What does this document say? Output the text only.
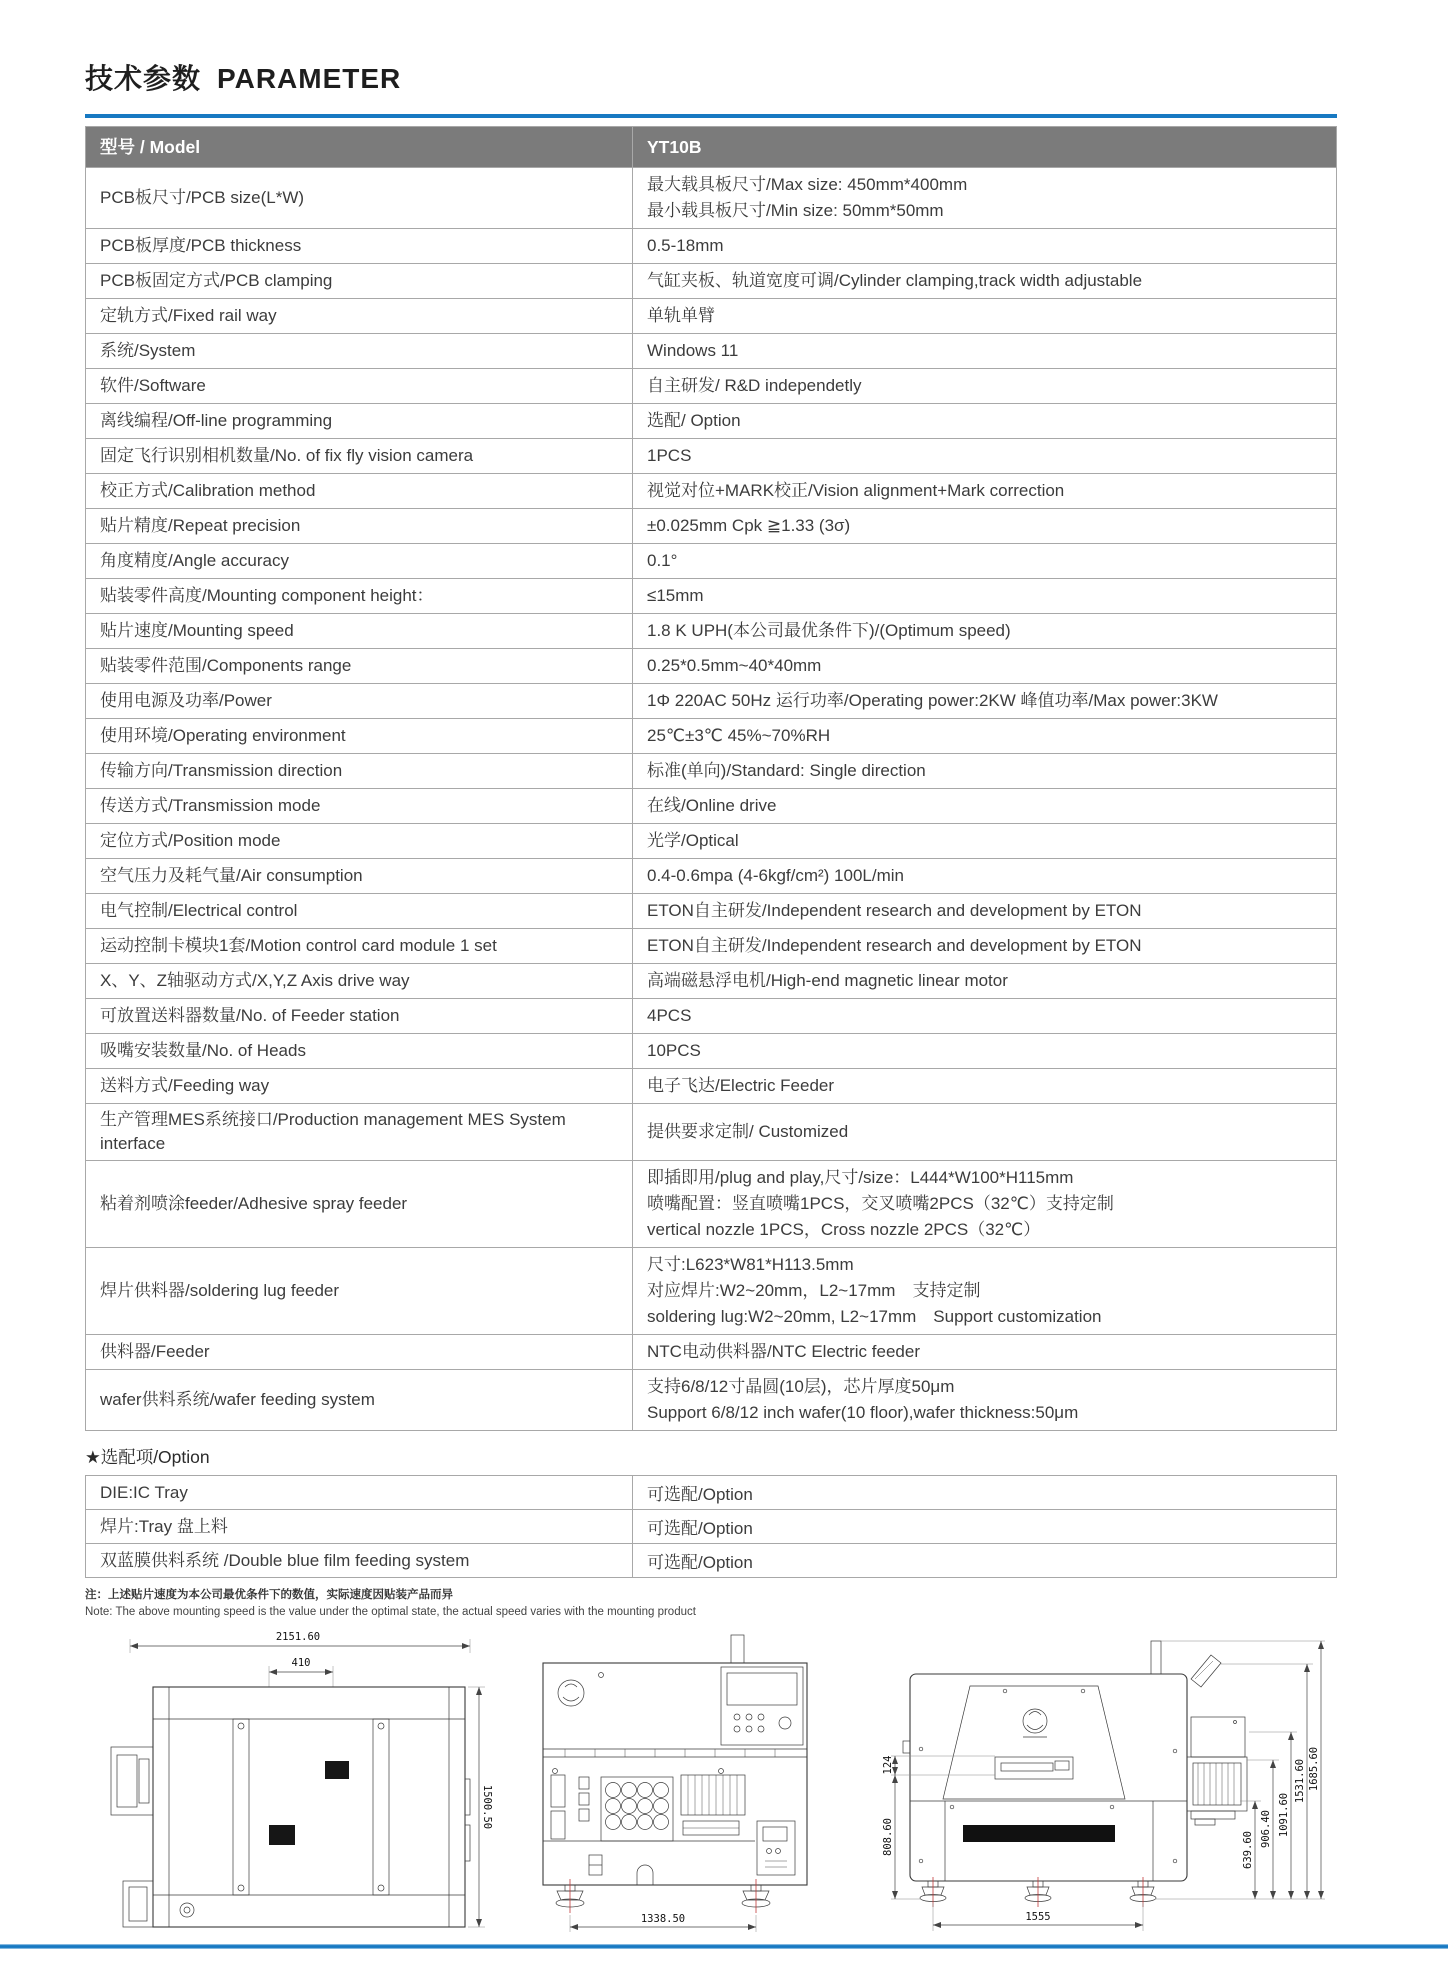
技术参数 PARAMETER
型号 / Model	YT10B
PCB板尺寸/PCB size(L*W)	最大载具板尺寸/Max size: 450mm*400mm
最小载具板尺寸/Min size: 50mm*50mm

PCB板厚度/PCB thickness	0.5-18mm

PCB板固定方式/PCB clamping	气缸夹板、轨道宽度可调/Cylinder clamping,track width adjustable

定轨方式/Fixed rail way	单轨单臂

系统/System	Windows 11

软件/Software	自主研发/ R&D independetly

离线编程/Off-line programming	选配/ Option

固定飞行识别相机数量/No. of fix fly vision camera	1PCS

校正方式/Calibration method	视觉对位+MARK校正/Vision alignment+Mark correction

贴片精度/Repeat precision	±0.025mm Cpk ≧1.33 (3σ)

角度精度/Angle accuracy	0.1°

贴装零件高度/Mounting component height：	≤15mm

贴片速度/Mounting speed	1.8 K UPH(本公司最优条件下)/(Optimum speed)

贴装零件范围/Components range	0.25*0.5mm~40*40mm

使用电源及功率/Power	1Φ 220AC 50Hz 运行功率/Operating power:2KW 峰值功率/Max power:3KW

使用环境/Operating environment	25℃±3℃ 45%~70%RH

传输方向/Transmission direction	标准(单向)/Standard: Single direction

传送方式/Transmission mode	在线/Online drive

定位方式/Position mode	光学/Optical

空气压力及耗气量/Air consumption	0.4-0.6mpa (4-6kgf/cm²) 100L/min

电气控制/Electrical control	ETON自主研发/Independent research and development by ETON

运动控制卡模块1套/Motion control card module 1 set	ETON自主研发/Independent research and development by ETON

X、Y、Z轴驱动方式/X,Y,Z Axis drive way	高端磁悬浮电机/High-end magnetic linear motor

可放置送料器数量/No. of Feeder station	4PCS

吸嘴安装数量/No. of Heads	10PCS

送料方式/Feeding way	电子飞达/Electric Feeder

生产管理MES系统接口/Production management MES System interface	提供要求定制/ Customized

粘着剂喷涂feeder/Adhesive spray feeder	即插即用/plug and play,尺寸/size：L444*W100*H115mm
喷嘴配置：竖直喷嘴1PCS，交叉喷嘴2PCS（32℃）支持定制
vertical nozzle 1PCS，Cross nozzle 2PCS（32℃）

焊片供料器/soldering lug feeder	尺寸:L623*W81*H113.5mm
对应焊片:W2~20mm，L2~17mm　支持定制
soldering lug:W2~20mm, L2~17mm　Support customization

供料器/Feeder	NTC电动供料器/NTC Electric feeder

wafer供料系统/wafer feeding system	支持6/8/12寸晶圆(10层)，芯片厚度50μm
Support 6/8/12 inch wafer(10 floor),wafer thickness:50μm
★选配项/Option
DIE:IC Tray	可选配/Option
焊片:Tray 盘上料	可选配/Option
双蓝膜供料系统 /Double blue film feeding system	可选配/Option
注：上述贴片速度为本公司最优条件下的数值，实际速度因贴装产品而异
Note: The above mounting speed is the value under the optimal state, the actual speed varies with the mounting product
2151.60
410
1500.50
1338.50
124
808.60	639.60
906.40 1091.60
1531.60 1685.60
1555
